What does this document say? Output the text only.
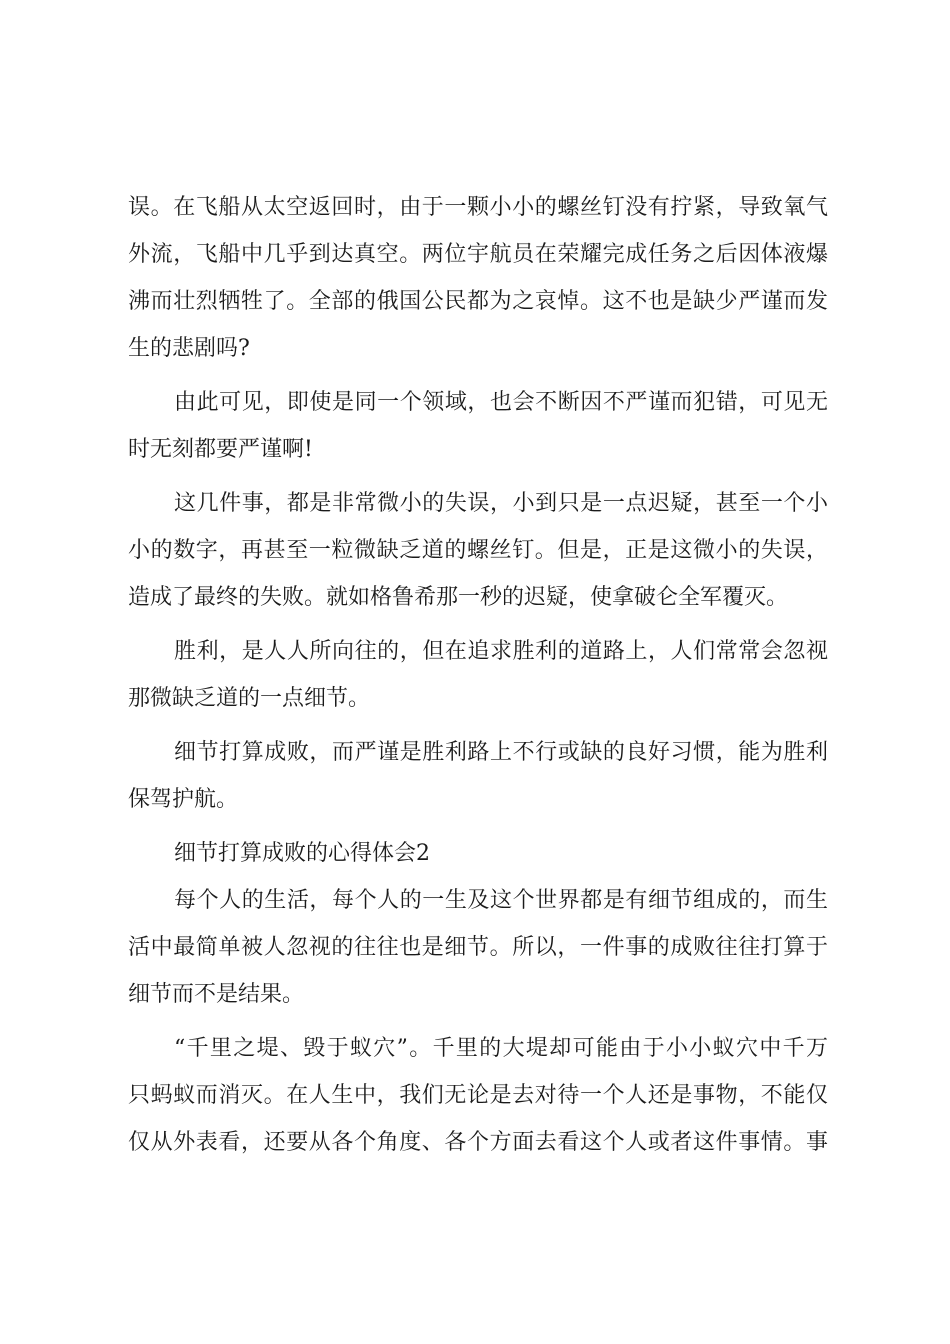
误。在飞船从太空返回时，由于一颗小小的螺丝钉没有拧紧，导致氧气
外流，飞船中几乎到达真空。两位宇航员在荣耀完成任务之后因体液爆
沸而壮烈牺牲了。全部的俄国公民都为之哀悼。这不也是缺少严谨而发
生的悲剧吗?
由此可见，即使是同一个领域，也会不断因不严谨而犯错，可见无
时无刻都要严谨啊!
这几件事，都是非常微小的失误，小到只是一点迟疑，甚至一个小
小的数字，再甚至一粒微缺乏道的螺丝钉。但是，正是这微小的失误，
造成了最终的失败。就如格鲁希那一秒的迟疑，使拿破仑全军覆灭。
胜利，是人人所向往的，但在追求胜利的道路上，人们常常会忽视
那微缺乏道的一点细节。
细节打算成败，而严谨是胜利路上不行或缺的良好习惯，能为胜利
保驾护航。
细节打算成败的心得体会2
每个人的生活，每个人的一生及这个世界都是有细节组成的，而生
活中最简单被人忽视的往往也是细节。所以，一件事的成败往往打算于
细节而不是结果。
“千里之堤、毁于蚁穴”。千里的大堤却可能由于小小蚁穴中千万
只蚂蚁而消灭。在人生中，我们无论是去对待一个人还是事物，不能仅
仅从外表看，还要从各个角度、各个方面去看这个人或者这件事情。事
